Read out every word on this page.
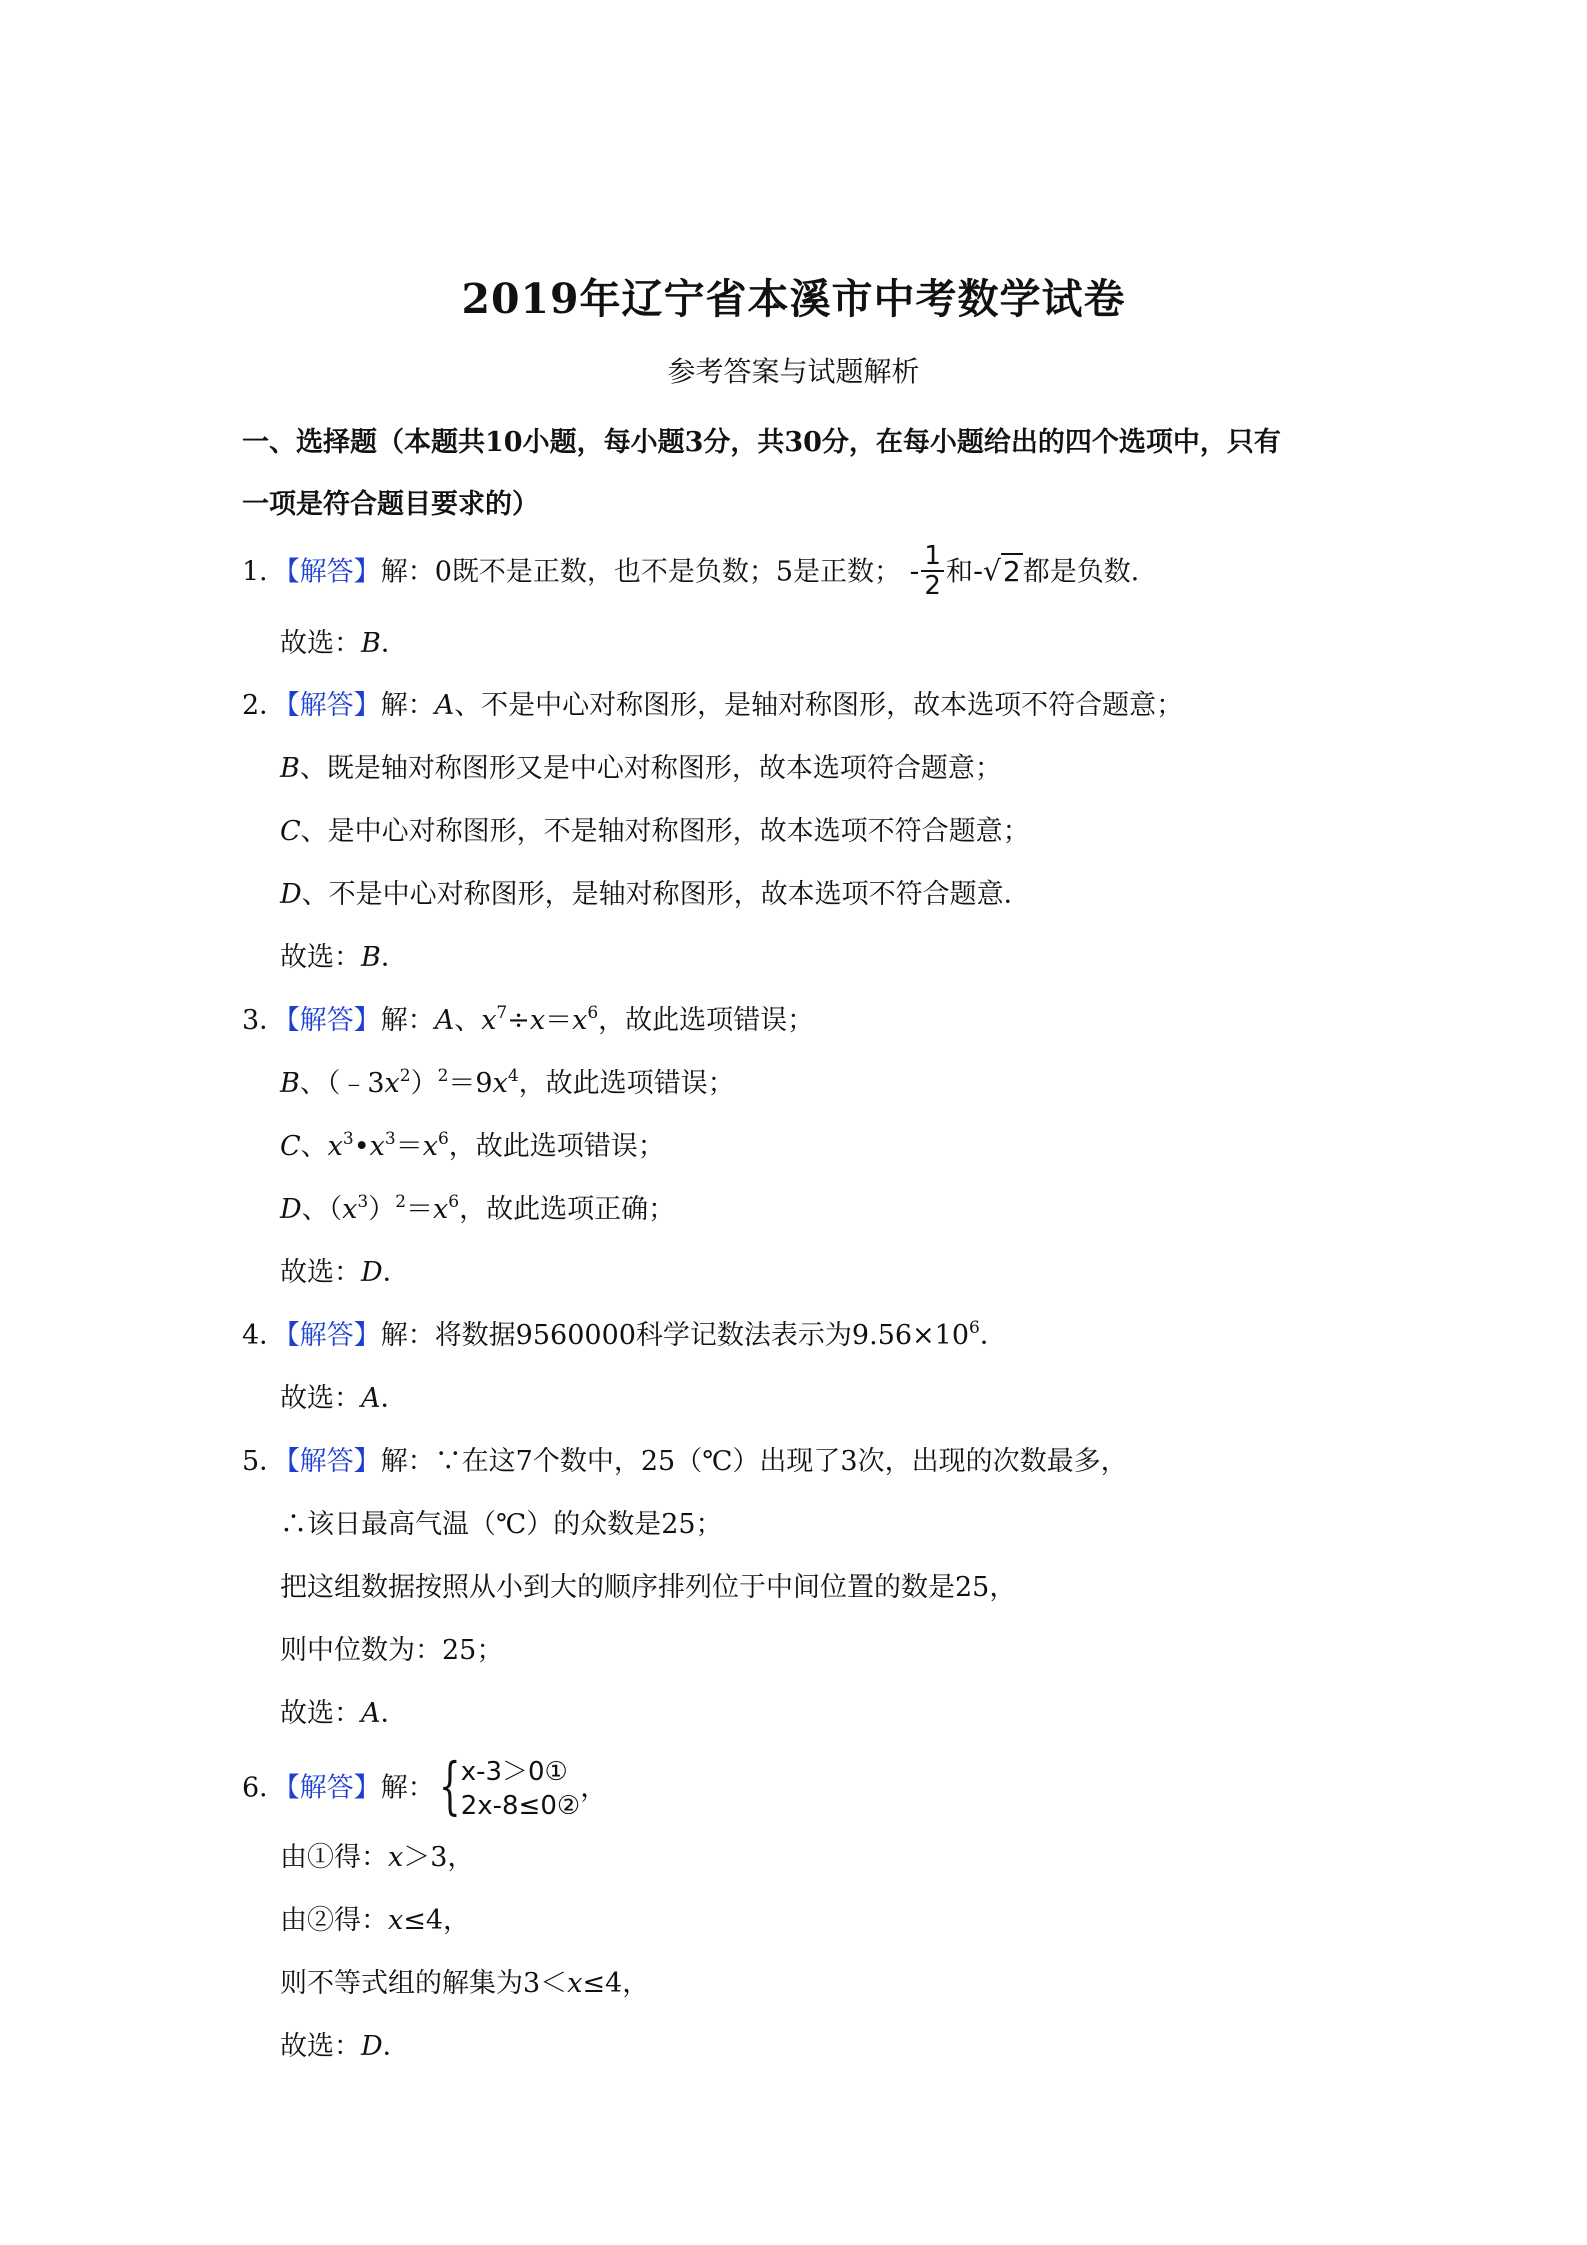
2019年辽宁省本溪市中考数学试卷
参考答案与试题解析
一、选择题（本题共10小题，每小题3分，共30分，在每小题给出的四个选项中，只有
一项是符合题目要求的）
1．【解答】解：0既不是正数，也不是负数；5是正数； - $\frac{1}{2}$ 和-√2都是负数．
故选：B．
2．【解答】解：A、不是中心对称图形，是轴对称图形，故本选项不符合题意；
B、既是轴对称图形又是中心对称图形，故本选项符合题意；
C、是中心对称图形，不是轴对称图形，故本选项不符合题意；
D、不是中心对称图形，是轴对称图形，故本选项不符合题意．
故选：B．
3．【解答】解：A、$x^7\div x=x^6$，故此选项错误；
B、$(﹣3x^2)^2=9x^4$，故此选项错误；
C、$x^3•x^3=x^6$，故此选项错误；
D、$(x^3)^2=x^6$，故此选项正确；
故选：D．
4．【解答】解：将数据9560000科学记数法表示为$9.56\times 10^6$．
故选：A．
5．【解答】解：∵在这7个数中，25（℃）出现了3次，出现的次数最多，
∴该日最高气温（℃）的众数是25；
把这组数据按照从小到大的顺序排列位于中间位置的数是25，
则中位数为：25；
故选：A．
6．【解答】解： { x-3＞0①
2x-8≤0②
，
由①得：x＞3，
由②得：x≤4，
则不等式组的解集为3＜x≤4，
故选：D．
